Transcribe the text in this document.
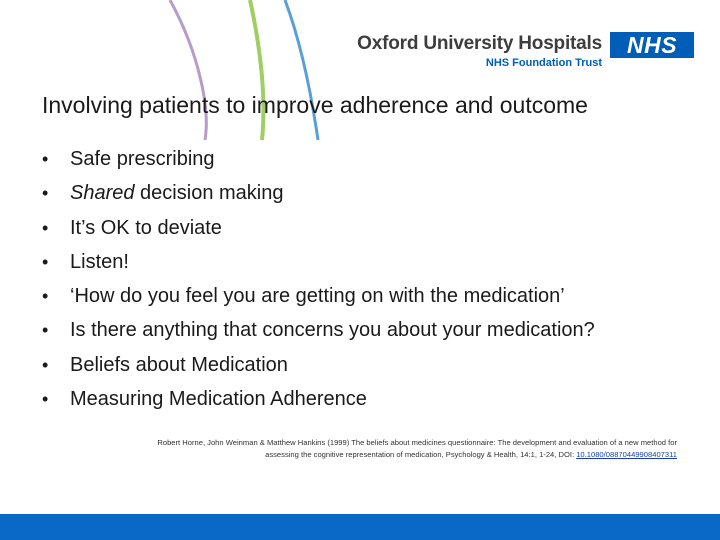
Oxford University Hospitals
NHS Foundation Trust
NHS
Involving patients to improve adherence and outcome
• Safe prescribing
• Shared decision making
• It’s OK to deviate
• Listen!
• ‘How do you feel you are getting on with the medication’
• Is there anything that concerns you about your medication?
• Beliefs about Medication
• Measuring Medication Adherence
Robert Horne, John Weinman & Matthew Hankins (1999) The beliefs about medicines questionnaire: The development and evaluation of a new method for
assessing the cognitive representation of medication, Psychology & Health, 14:1, 1-24, DOI: 10.1080/08870449908407311
